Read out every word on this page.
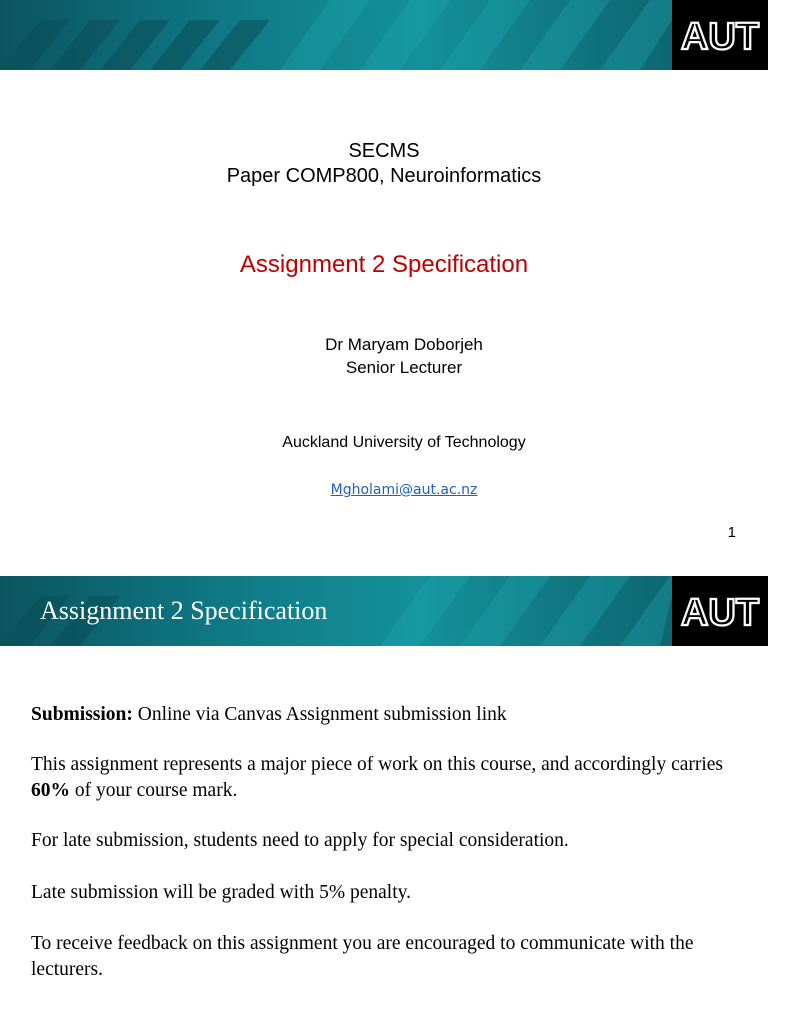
AUT
SECMS
Paper COMP800, Neuroinformatics
Assignment 2 Specification
Dr Maryam Doborjeh
Senior Lecturer
Auckland University of Technology
Mgholami@aut.ac.nz
1
Assignment 2 Specification	AUT
Submission: Online via Canvas Assignment submission link
This assignment represents a major piece of work on this course, and accordingly carries 60% of your course mark.
For late submission, students need to apply for special consideration.
Late submission will be graded with 5% penalty.
To receive feedback on this assignment you are encouraged to communicate with the lecturers.
